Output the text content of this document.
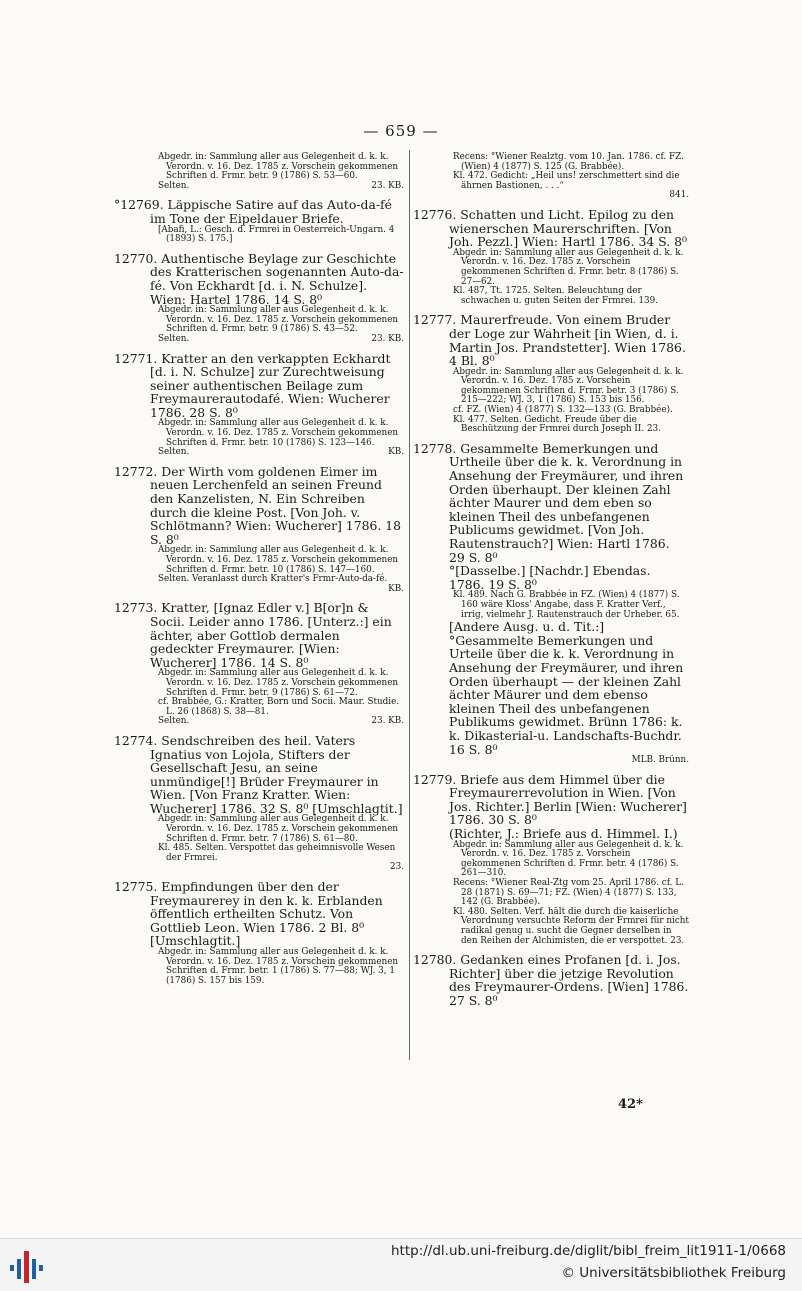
— 659 —

Abgedr. in: Sammlung aller aus Gelegenheit d. k. k. Verordn. v. 16. Dez. 1785 z. Vorschein gekommenen Schriften d. Frmr. betr. 9 (1786) S. 53—60.

Selten.	23. KB.

°12769. Läppische Satire auf das Auto-da-fé im Tone der Eipeldauer Briefe.

[Abafi, L.: Gesch. d. Frmrei in Oesterreich-Ungarn. 4 (1893) S. 175.]

12770. Authentische Beylage zur Geschichte des Kratterischen sogenannten Auto-da-fé. Von Eckhardt [d. i. N. Schulze]. Wien: Hartel 1786. 14 S. 8⁰

Abgedr. in: Sammlung aller aus Gelegenheit d. k. k. Verordn. v. 16. Dez. 1785 z. Vorschein gekommenen Schriften d. Frmr. betr. 9 (1786) S. 43—52.

Selten.	23. KB.

12771. Kratter an den verkappten Eckhardt [d. i. N. Schulze] zur Zurechtweisung seiner authentischen Beilage zum Freymaurerautodafé. Wien: Wucherer 1786. 28 S. 8⁰

Abgedr. in: Sammlung aller aus Gelegenheit d. k. k. Verordn. v. 16. Dez. 1785 z. Vorschein gekommenen Schriften d. Frmr. betr. 10 (1786) S. 123—146.

Selten.	KB.

12772. Der Wirth vom goldenen Eimer im neuen Lerchenfeld an seinen Freund den Kanzelisten, N. Ein Schreiben durch die kleine Post. [Von Joh. v. Schlötmann? Wien: Wucherer] 1786. 18 S. 8⁰

Abgedr. in: Sammlung aller aus Gelegenheit d. k. k. Verordn. v. 16. Dez. 1785 z. Vorschein gekommenen Schriften d. Frmr. betr. 10 (1786) S. 147—160.

Selten. Veranlasst durch Kratter's Frmr-Auto-da-fé.

KB.

12773. Kratter, [Ignaz Edler v.] B[or]n & Socii. Leider anno 1786. [Unterz.:] ein ächter, aber Gottlob dermalen gedeckter Freymaurer. [Wien: Wucherer] 1786. 14 S. 8⁰

Abgedr. in: Sammlung aller aus Gelegenheit d. k. k. Verordn. v. 16. Dez. 1785 z. Vorschein gekommenen Schriften d. Frmr. betr. 9 (1786) S. 61—72.

cf. Brabbée, G.: Kratter, Born und Socii. Maur. Studie. L. 26 (1868) S. 38—81.

Selten.	23. KB.

12774. Sendschreiben des heil. Vaters Ignatius von Lojola, Stifters der Gesellschaft Jesu, an seine unmündige[!] Brüder Freymaurer in Wien. [Von Franz Kratter. Wien: Wucherer] 1786. 32 S. 8⁰ [Umschlagtit.]

Abgedr. in: Sammlung aller aus Gelegenheit d. k. k. Verordn. v. 16. Dez. 1785 z. Vorschein gekommenen Schriften d. Frmr. betr. 7 (1786) S. 61—80.

Kl. 485. Selten. Verspottet das geheimnisvolle Wesen der Frmrei.

23.

12775. Empfindungen über den der Freymaurerey in den k. k. Erblanden öffentlich ertheilten Schutz. Von Gottlieb Leon. Wien 1786. 2 Bl. 8⁰ [Umschlagtit.]

Abgedr. in: Sammlung aller aus Gelegenheit d. k. k. Verordn. v. 16. Dez. 1785 z. Vorschein gekommenen Schriften d. Frmr. betr. 1 (1786) S. 77—88; WJ. 3, 1 (1786) S. 157 bis 159.

Recens: °Wiener Realztg. vom 10. Jan. 1786. cf. FZ. (Wien) 4 (1877) S. 125 (G. Brabbée).

Kl. 472. Gedicht: „Heil uns! zerschmettert sind die ährnen Bastionen, . . .“

841.

12776. Schatten und Licht. Epilog zu den wienerschen Maurerschriften. [Von Joh. Pezzl.] Wien: Hartl 1786. 34 S. 8⁰

Abgedr. in: Sammlung aller aus Gelegenheit d. k. k. Verordn. v. 16. Dez. 1785 z. Vorschein gekommenen Schriften d. Frmr. betr. 8 (1786) S. 27—62.

Kl. 487, Tt. 1725. Selten. Beleuchtung der schwachen u. guten Seiten der Frmrei. 139.

12777. Maurerfreude. Von einem Bruder der Loge zur Wahrheit [in Wien, d. i. Martin Jos. Prandstetter]. Wien 1786. 4 Bl. 8⁰

Abgedr. in: Sammlung aller aus Gelegenheit d. k. k. Verordn. v. 16. Dez. 1785 z. Vorschein gekommenen Schriften d. Frmr. betr. 3 (1786) S. 215—222; WJ. 3, 1 (1786) S. 153 bis 156.

cf. FZ. (Wien) 4 (1877) S. 132—133 (G. Brabbée).

Kl. 477. Selten. Gedicht. Freude über die Beschützung der Frmrei durch Joseph II. 23.

12778. Gesammelte Bemerkungen und Urtheile über die k. k. Verordnung in Ansehung der Freymäurer, und ihren Orden überhaupt. Der kleinen Zahl ächter Maurer und dem eben so kleinen Theil des unbefangenen Publicums gewidmet. [Von Joh. Rautenstrauch?] Wien: Hartl 1786. 29 S. 8⁰

°[Dasselbe.] [Nachdr.] Ebendas. 1786. 19 S. 8⁰

Kl. 489. Nach G. Brabbée in FZ. (Wien) 4 (1877) S. 160 wäre Kloss' Angabe, dass F. Kratter Verf., irrig, vielmehr J. Rautenstrauch der Urheber. 65.

[Andere Ausg. u. d. Tit.:]

°Gesammelte Bemerkungen und Urteile über die k. k. Verordnung in Ansehung der Freymäurer, und ihren Orden überhaupt — der kleinen Zahl ächter Mäurer und dem ebenso kleinen Theil des unbefangenen Publikums gewidmet. Brünn 1786: k. k. Dikasterial-u. Landschafts-Buchdr. 16 S. 8⁰

MLB. Brünn.

12779. Briefe aus dem Himmel über die Freymaurerrevolution in Wien. [Von Jos. Richter.] Berlin [Wien: Wucherer] 1786. 30 S. 8⁰

(Richter, J.: Briefe aus d. Himmel. I.)

Abgedr. in: Sammlung aller aus Gelegenheit d. k. k. Verordn. v. 16. Dez. 1785 z. Vorschein gekommenen Schriften d. Frmr. betr. 4 (1786) S. 261—310.

Recens: °Wiener Real-Ztg vom 25. April 1786. cf. L. 28 (1871) S. 69—71; FZ. (Wien) 4 (1877) S. 133, 142 (G. Brabbée).

Kl. 480. Selten. Verf. hält die durch die kaiserliche Verordnung versuchte Reform der Frmrei für nicht radikal genug u. sucht die Gegner derselben in den Reihen der Alchimisten, die er verspottet. 23.

12780. Gedanken eines Profanen [d. i. Jos. Richter] über die jetzige Revolution des Freymaurer-Ordens. [Wien] 1786. 27 S. 8⁰

42*
http://dl.ub.uni-freiburg.de/diglit/bibl_freim_lit1911-1/0668
© Universitätsbibliothek Freiburg
